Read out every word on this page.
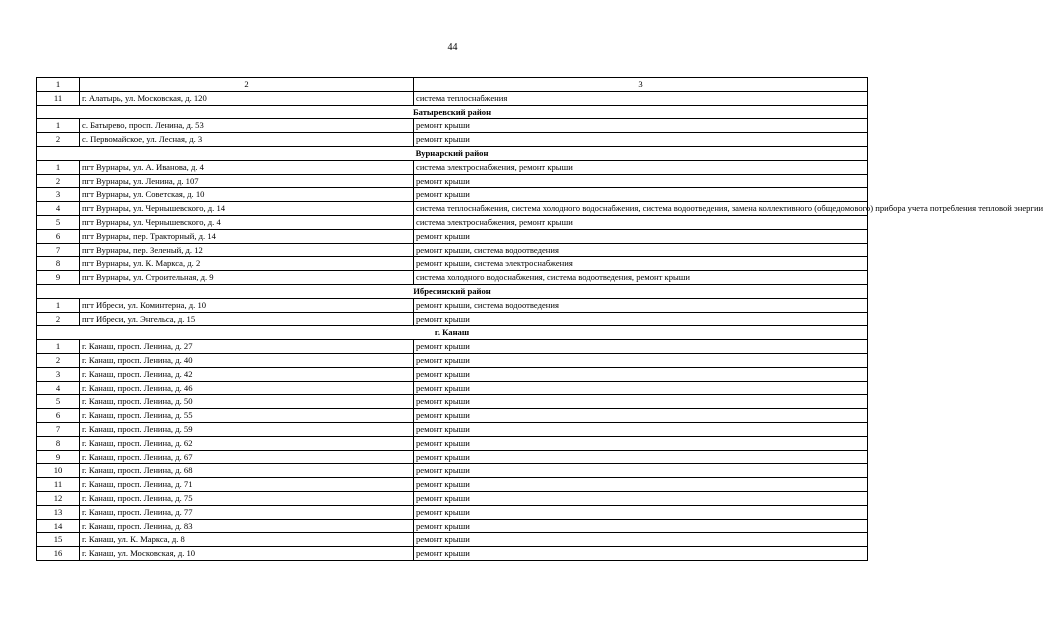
44
1	2	3
11	г. Алатырь, ул. Московская, д. 120	система теплоснабжения
Батыревский район		
1	с. Батырево, просп. Ленина, д. 53	ремонт крыши
2	с. Первомайское, ул. Лесная, д. 3	ремонт крыши
Вурнарский район		
1	пгт Вурнары, ул. А. Иванова, д. 4	система электроснабжения, ремонт крыши
2	пгт Вурнары, ул. Ленина, д. 107	ремонт крыши
3	пгт Вурнары, ул. Советская, д. 10	ремонт крыши
4	пгт Вурнары, ул. Чернышевского, д. 14	система теплоснабжения, система холодного водоснабжения, система водоотведения, замена коллективного (общедомового) прибора учета потребления тепловой энергии
5	пгт Вурнары, ул. Чернышевского, д. 4	система электроснабжения, ремонт крыши
6	пгт Вурнары, пер. Тракторный, д. 14	ремонт крыши
7	пгт Вурнары, пер. Зеленый, д. 12	ремонт крыши, система водоотведения
8	пгт Вурнары, ул. К. Маркса, д. 2	ремонт крыши, система электроснабжения
9	пгт Вурнары, ул. Строительная, д. 9	система холодного водоснабжения, система водоотведения, ремонт крыши
Ибресинский район		
1	пгт Ибреси, ул. Коминтерна, д. 10	ремонт крыши, система водоотведения
2	пгт Ибреси, ул. Энгельса, д. 15	ремонт крыши
г. Канаш		
1	г. Канаш, просп. Ленина, д. 27	ремонт крыши
2	г. Канаш, просп. Ленина, д. 40	ремонт крыши
3	г. Канаш, просп. Ленина, д. 42	ремонт крыши
4	г. Канаш, просп. Ленина, д. 46	ремонт крыши
5	г. Канаш, просп. Ленина, д. 50	ремонт крыши
6	г. Канаш, просп. Ленина, д. 55	ремонт крыши
7	г. Канаш, просп. Ленина, д. 59	ремонт крыши
8	г. Канаш, просп. Ленина, д. 62	ремонт крыши
9	г. Канаш, просп. Ленина, д. 67	ремонт крыши
10	г. Канаш, просп. Ленина, д. 68	ремонт крыши
11	г. Канаш, просп. Ленина, д. 71	ремонт крыши
12	г. Канаш, просп. Ленина, д. 75	ремонт крыши
13	г. Канаш, просп. Ленина, д. 77	ремонт крыши
14	г. Канаш, просп. Ленина, д. 83	ремонт крыши
15	г. Канаш, ул. К. Маркса, д. 8	ремонт крыши
16	г. Канаш, ул. Московская, д. 10	ремонт крыши
